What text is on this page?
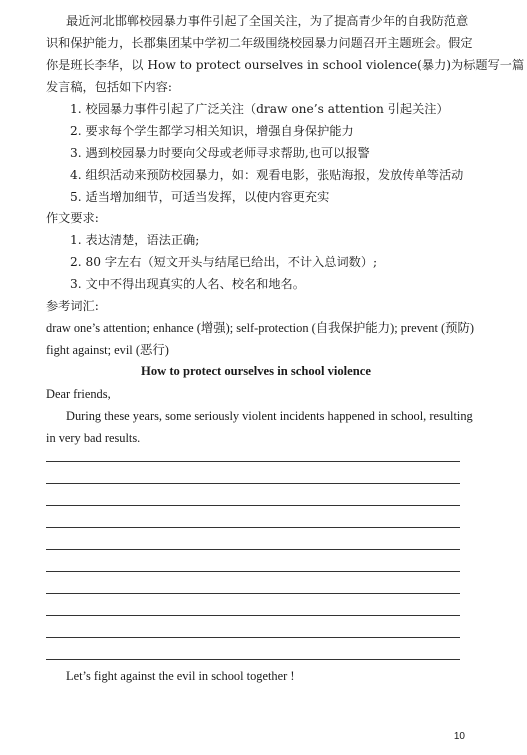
最近河北邯郸校园暴力事件引起了全国关注，为了提高青少年的自我防范意
识和保护能力，长郡集团某中学初二年级围绕校园暴力问题召开主题班会。假定
你是班长李华，以 How to protect ourselves in school violence(暴力)为标题写一篇
发言稿，包括如下内容:
1. 校园暴力事件引起了广泛关注（draw one’s attention 引起关注）
2. 要求每个学生都学习相关知识，增强自身保护能力
3. 遇到校园暴力时要向父母或老师寻求帮助,也可以报警
4. 组织活动来预防校园暴力，如：观看电影，张贴海报，发放传单等活动
5. 适当增加细节，可适当发挥，以使内容更充实
作文要求:
1. 表达清楚，语法正确;
2. 80 字左右（短文开头与结尾已给出，不计入总词数）;
3. 文中不得出现真实的人名、校名和地名。
参考词汇:
draw one’s attention; enhance (增强); self-protection (自我保护能力); prevent (预防)
fight against; evil (恶行)
How to protect ourselves in school violence
Dear friends,
During these years, some seriously violent incidents happened in school, resulting
in very bad results.
Let’s fight against the evil in school together !
10
